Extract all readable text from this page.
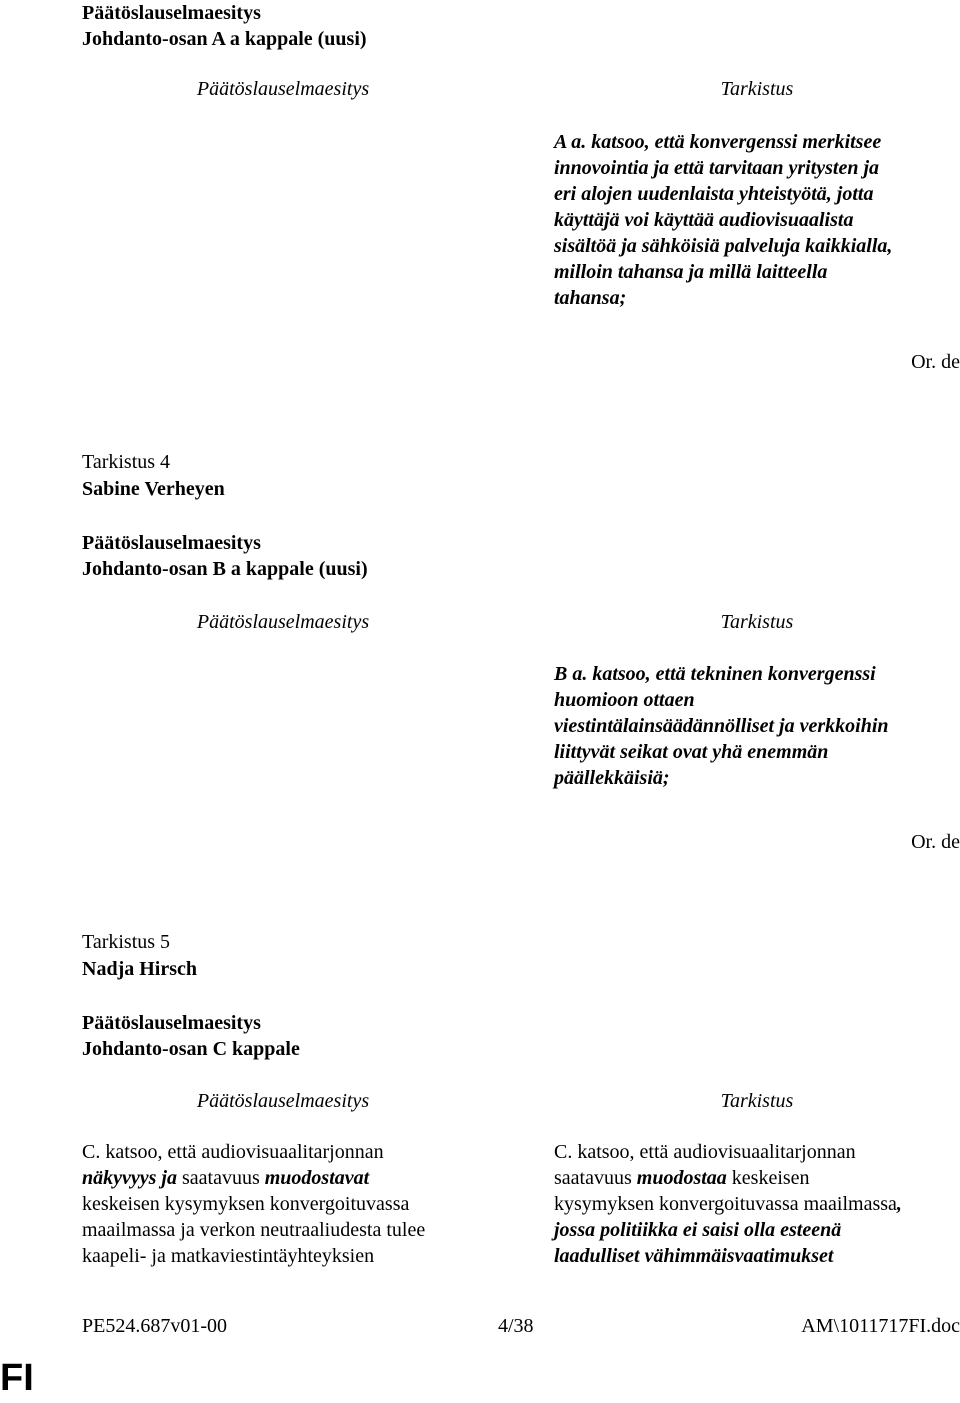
Päätöslauselmaesitys
Johdanto-osan A a kappale (uusi)
Päätöslauselmaesitys	Tarkistus
A a. katsoo, että konvergenssi merkitsee
innovointia ja että tarvitaan yritysten ja
eri alojen uudenlaista yhteistyötä, jotta
käyttäjä voi käyttää audiovisuaalista
sisältöä ja sähköisiä palveluja kaikkialla,
milloin tahansa ja millä laitteella
tahansa;
Or. de
Tarkistus 4
Sabine Verheyen
Päätöslauselmaesitys
Johdanto-osan B a kappale (uusi)
Päätöslauselmaesitys	Tarkistus
B a. katsoo, että tekninen konvergenssi
huomioon ottaen
viestintälainsäädännölliset ja verkkoihin
liittyvät seikat ovat yhä enemmän
päällekkäisiä;
Or. de
Tarkistus 5
Nadja Hirsch
Päätöslauselmaesitys
Johdanto-osan C kappale
Päätöslauselmaesitys	Tarkistus
C. katsoo, että audiovisuaalitarjonnan
näkyvyys ja saatavuus muodostavat
keskeisen kysymyksen konvergoituvassa
maailmassa ja verkon neutraaliudesta tulee
kaapeli- ja matkaviestintäyhteyksien
C. katsoo, että audiovisuaalitarjonnan
saatavuus muodostaa keskeisen
kysymyksen konvergoituvassa maailmassa,
jossa politiikka ei saisi olla esteenä
laadulliset vähimmäisvaatimukset
PE524.687v01-00	4/38	AM\1011717FI.doc
FI
